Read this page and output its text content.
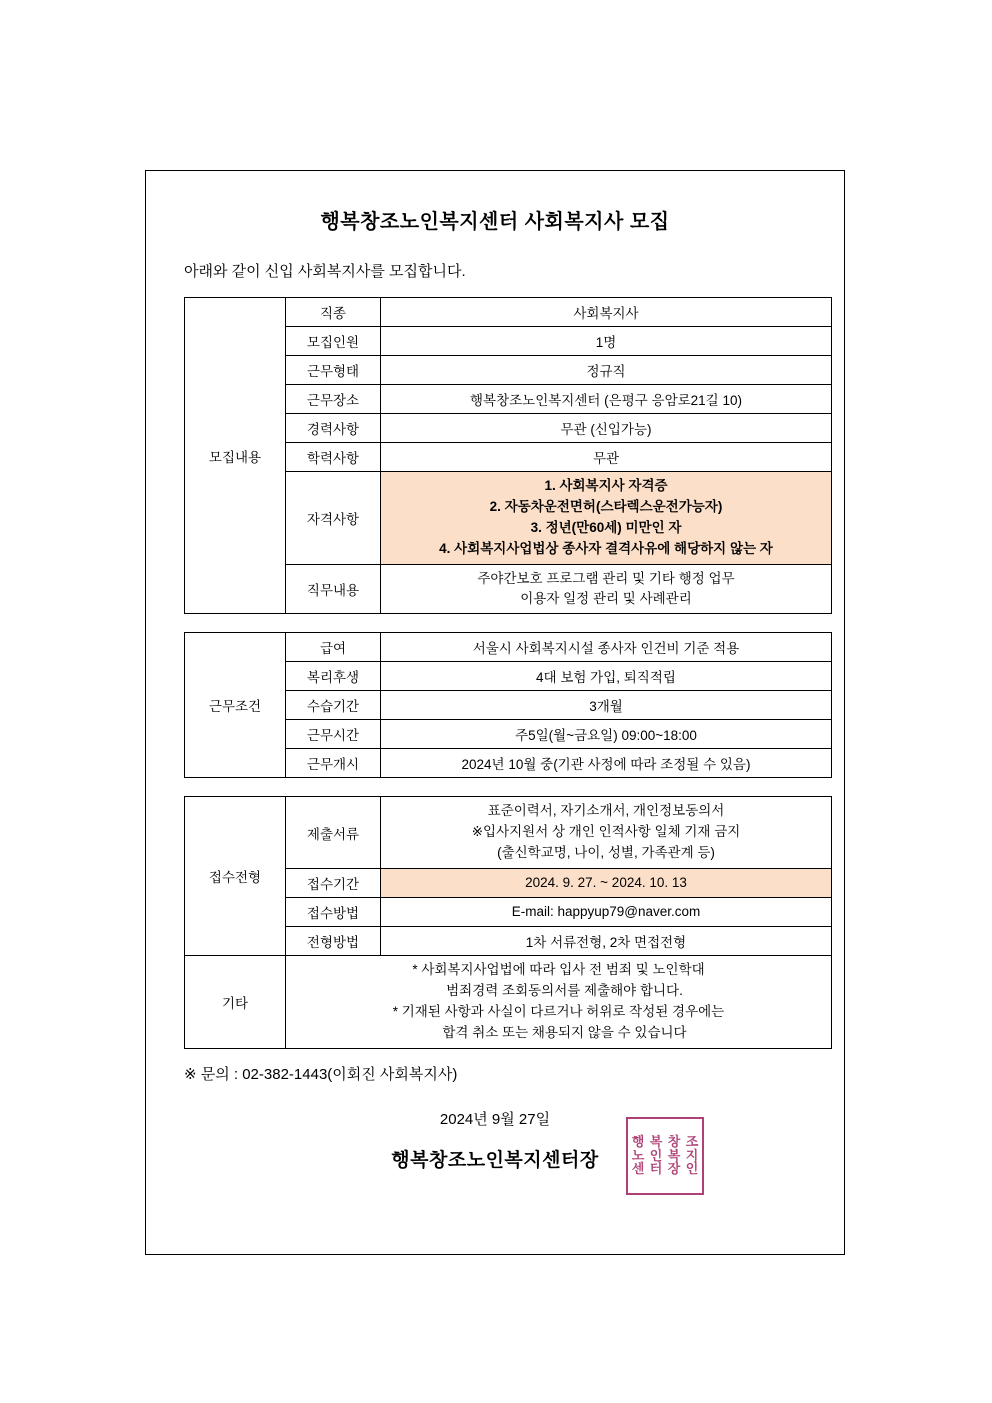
행복창조노인복지센터 사회복지사 모집
아래와 같이 신입 사회복지사를 모집합니다.
모집내용	직종	사회복지사
	모집인원	1명
	근무형태	정규직
	근무장소	행복창조노인복지센터 (은평구 응암로21길 10)
	경력사항	무관 (신입가능)
	학력사항	무관
	자격사항	1. 사회복지사 자격증
2. 자동차운전면허(스타렉스운전가능자)
3. 정년(만60세) 미만인 자
4. 사회복지사업법상 종사자 결격사유에 해당하지 않는 자

	직무내용	주야간보호 프로그램 관리 및 기타 행정 업무
이용자 일정 관리 및 사례관리
근무조건	급여	서울시 사회복지시설 종사자 인건비 기준 적용
	복리후생	4대 보험 가입, 퇴직적립
	수습기간	3개월
	근무시간	주5일(월~금요일) 09:00~18:00
	근무개시	2024년 10월 중(기관 사정에 따라 조정될 수 있음)
접수전형	제출서류	표준이력서, 자기소개서, 개인정보동의서
※입사지원서 상 개인 인적사항 일체 기재 금지
(출신학교명, 나이, 성별, 가족관계 등)

	접수기간	2024. 9. 27. ~ 2024. 10. 13
	접수방법	E-mail: happyup79@naver.com
	전형방법	1차 서류전형, 2차 면접전형
기타	* 사회복지사업법에 따라 입사 전 범죄 및 노인학대
범죄경력 조회동의서를 제출해야 합니다.
* 기재된 사항과 사실이 다르거나 허위로 작성된 경우에는
합격 취소 또는 채용되지 않을 수 있습니다	
※ 문의 : 02-382-1443(이회진 사회복지사)
2024년 9월 27일
행복창조노인복지센터장
행 복 창 조
노 인 복 지
센 터 장 인
